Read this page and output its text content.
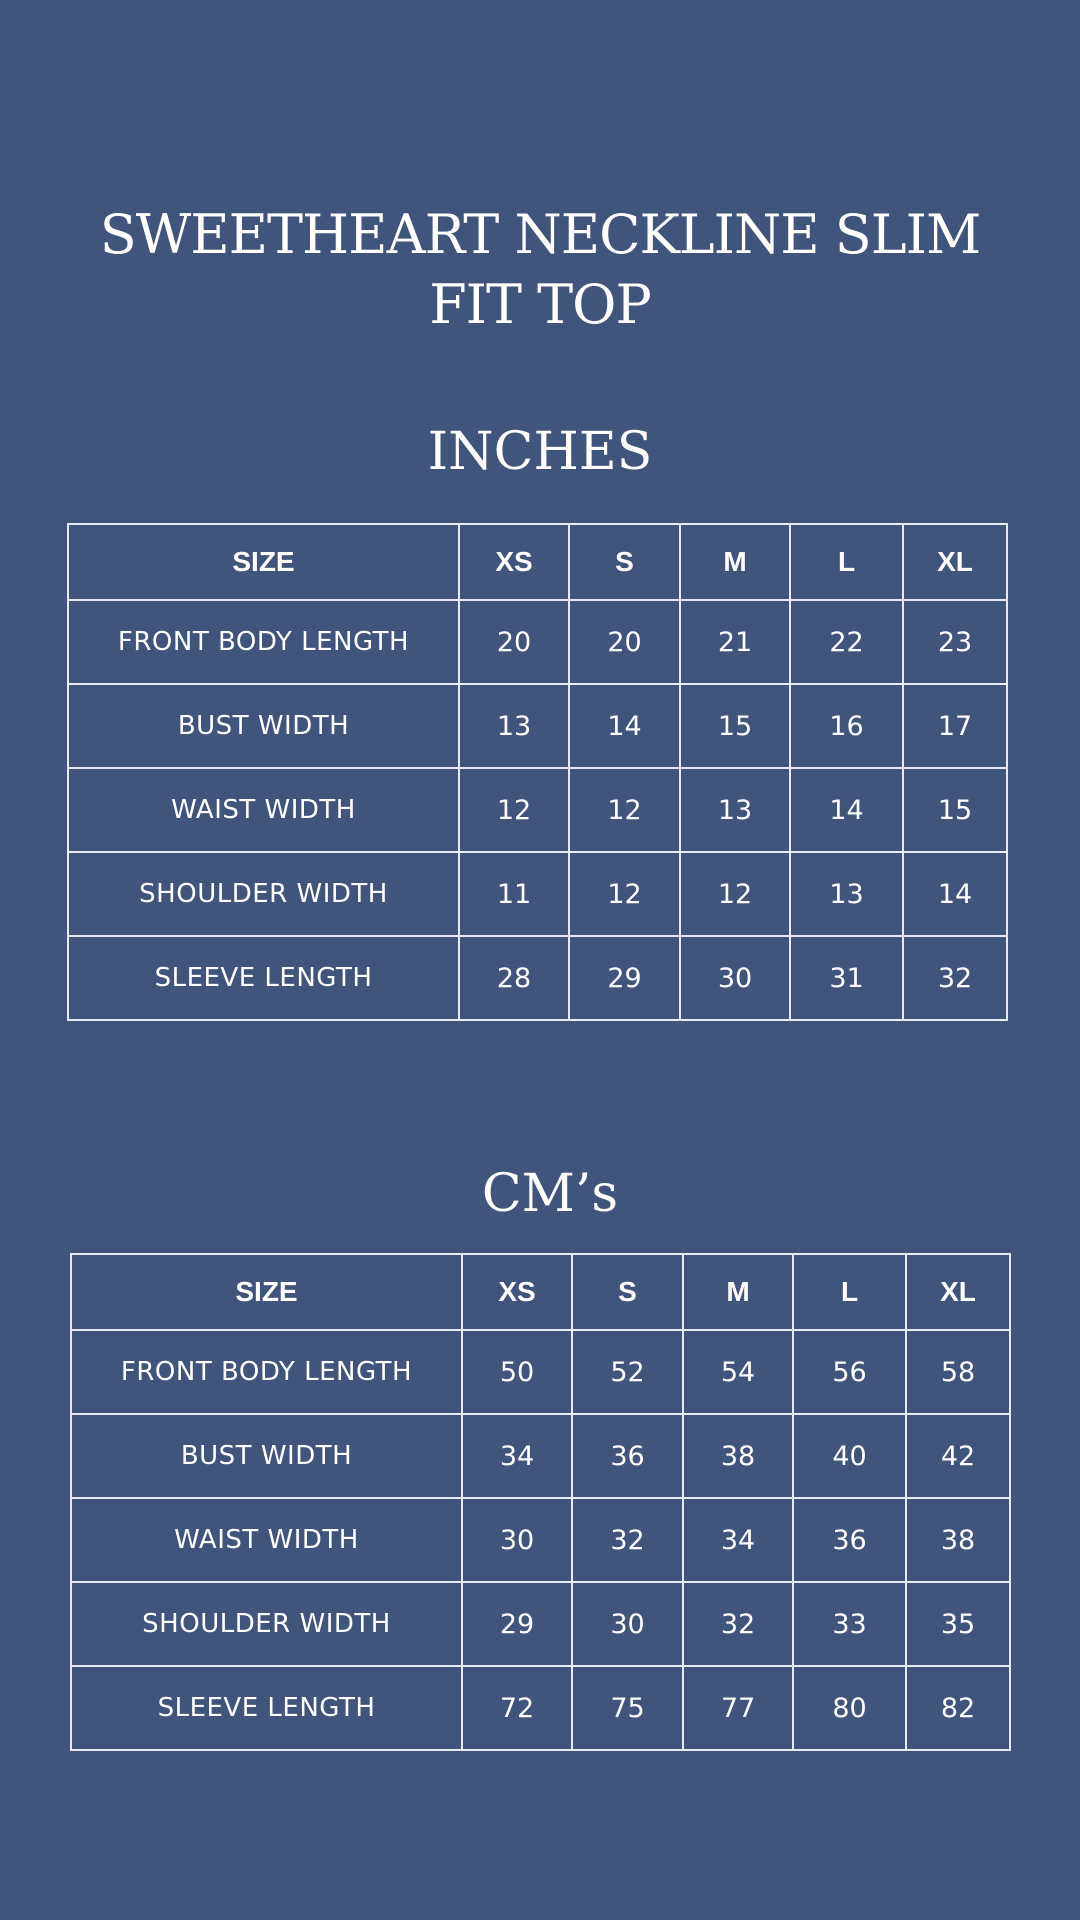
SWEETHEART NECKLINE SLIM FIT TOP
INCHES
SIZE	XS	S	M	L	XL
FRONT BODY LENGTH	20	20	21	22	23
BUST WIDTH	13	14	15	16	17
WAIST WIDTH	12	12	13	14	15
SHOULDER WIDTH	11	12	12	13	14
SLEEVE LENGTH	28	29	30	31	32
CM’s
SIZE	XS	S	M	L	XL
FRONT BODY LENGTH	50	52	54	56	58
BUST WIDTH	34	36	38	40	42
WAIST WIDTH	30	32	34	36	38
SHOULDER WIDTH	29	30	32	33	35
SLEEVE LENGTH	72	75	77	80	82
